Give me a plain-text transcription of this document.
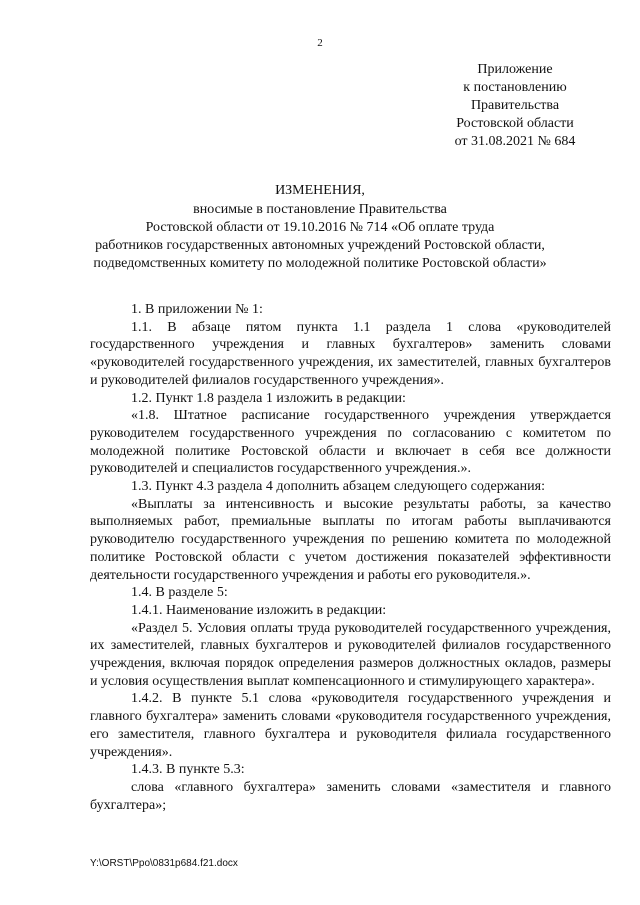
2
Приложение
к постановлению
Правительства
Ростовской области
от 31.08.2021 № 684
ИЗМЕНЕНИЯ,
вносимые в постановление Правительства
Ростовской области от 19.10.2016 № 714 «Об оплате труда
работников государственных автономных учреждений Ростовской области,
подведомственных комитету по молодежной политике Ростовской области»

1. В приложении № 1:

1.1. В абзаце пятом пункта 1.1 раздела 1 слова «руководителей государственного учреждения и главных бухгалтеров» заменить словами «руководителей государственного учреждения, их заместителей, главных бухгалтеров и руководителей филиалов государственного учреждения».

1.2. Пункт 1.8 раздела 1 изложить в редакции:

«1.8. Штатное расписание государственного учреждения утверждается руководителем государственного учреждения по согласованию с комитетом по молодежной политике Ростовской области и включает в себя все должности руководителей и специалистов государственного учреждения.».

1.3. Пункт 4.3 раздела 4 дополнить абзацем следующего содержания:

«Выплаты за интенсивность и высокие результаты работы, за качество выполняемых работ, премиальные выплаты по итогам работы выплачиваются руководителю государственного учреждения по решению комитета по молодежной политике Ростовской области с учетом достижения показателей эффективности деятельности государственного учреждения и работы его руководителя.».

1.4. В разделе 5:

1.4.1. Наименование изложить в редакции:

«Раздел 5. Условия оплаты труда руководителей государственного учреждения, их заместителей, главных бухгалтеров и руководителей филиалов государственного учреждения, включая порядок определения размеров должностных окладов, размеры и условия осуществления выплат компенсационного и стимулирующего характера».

1.4.2. В пункте 5.1 слова «руководителя государственного учреждения и главного бухгалтера» заменить словами «руководителя государственного учреждения, его заместителя, главного бухгалтера и руководителя филиала государственного учреждения».

1.4.3. В пункте 5.3:

слова «главного бухгалтера» заменить словами «заместителя и главного бухгалтера»;

Y:\ORST\Ppo\0831p684.f21.docx
